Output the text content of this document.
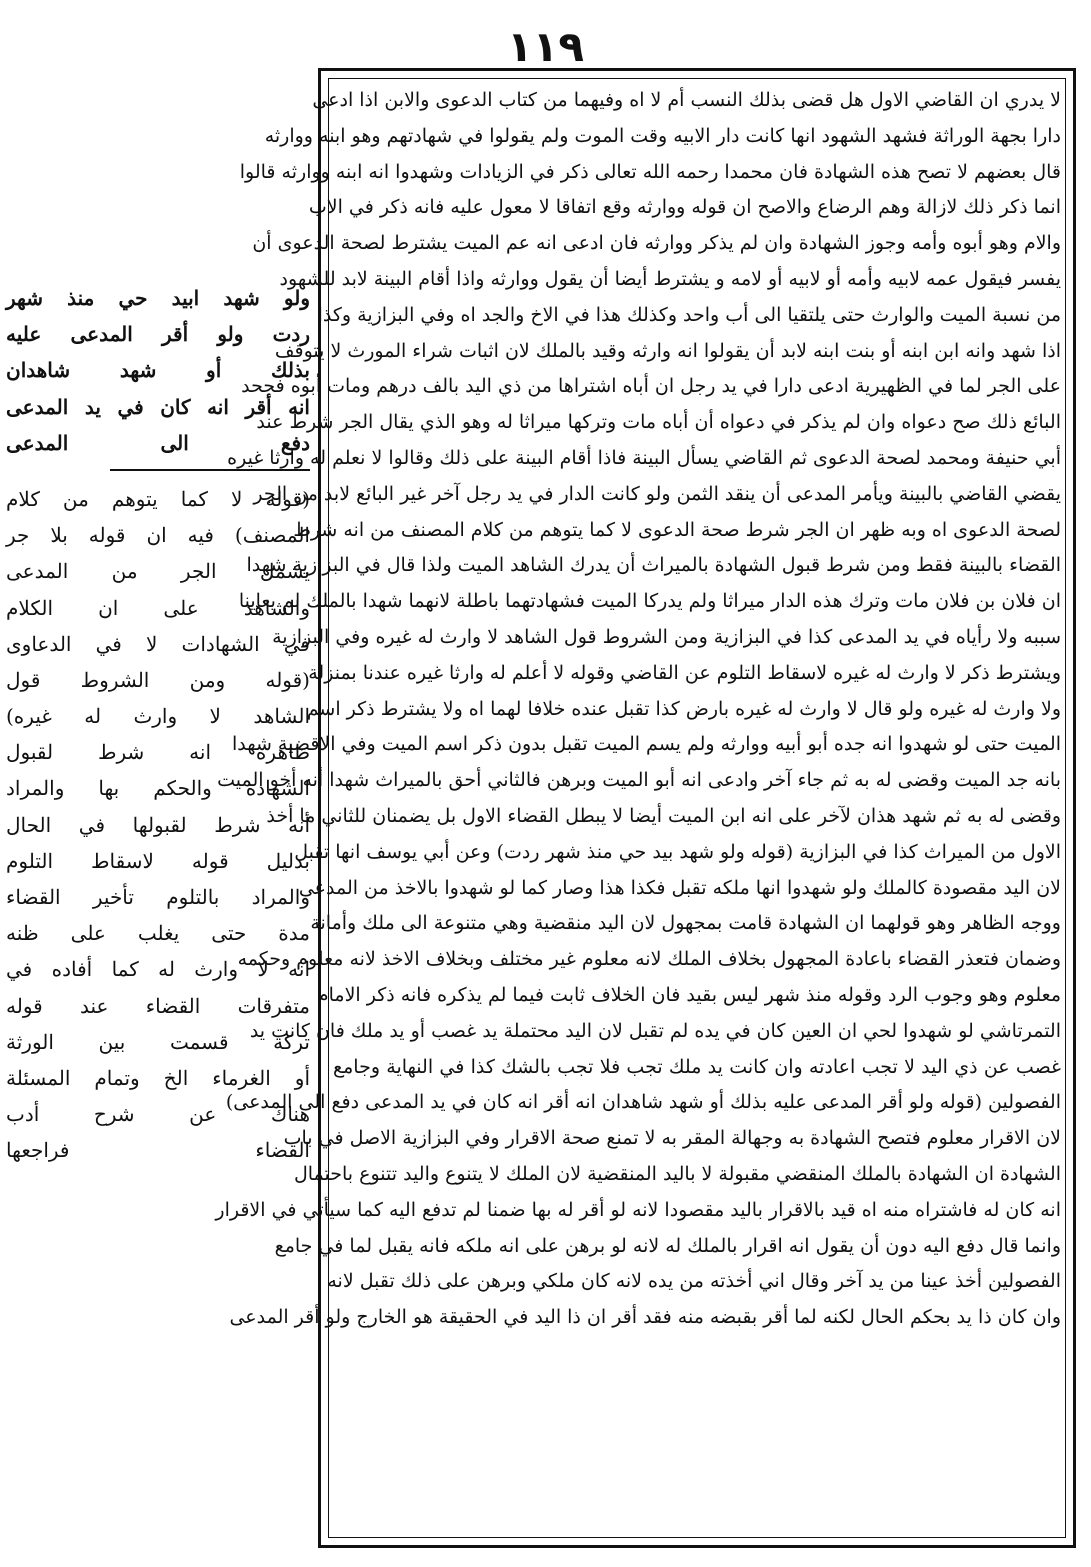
١١٩
لا يدري ان القاضي الاول هل قضى بذلك النسب أم لا اه وفيهما من كتاب الدعوى والابن اذا ادعى
دارا بجهة الوراثة فشهد الشهود انها كانت دار الابيه وقت الموت ولم يقولوا في شهادتهم وهو ابنه ووارثه
قال بعضهم لا تصح هذه الشهادة فان محمدا رحمه الله تعالى ذكر في الزيادات وشهدوا انه ابنه ووارثه قالوا
انما ذكر ذلك لازالة وهم الرضاع والاصح ان قوله ووارثه وقع اتفاقا لا معول عليه فانه ذكر في الاب
والام وهو أبوه وأمه وجوز الشهادة وان لم يذكر ووارثه فان ادعى انه عم الميت يشترط لصحة الدعوى أن
يفسر فيقول عمه لابيه وأمه أو لابيه أو لامه و يشترط أيضا أن يقول ووارثه واذا أقام البينة لابد للشهود
من نسبة الميت والوارث حتى يلتقيا الى أب واحد وكذلك هذا في الاخ والجد اه وفي البزازية وكذا
اذا شهد وانه ابن ابنه أو بنت ابنه لابد أن يقولوا انه وارثه وقيد بالملك لان اثبات شراء المورث لا يتوقف
على الجر لما في الظهيرية ادعى دارا في يد رجل ان أباه اشتراها من ذي اليد بالف درهم ومات أبوه فجحد
البائع ذلك صح دعواه وان لم يذكر في دعواه أن أباه مات وتركها ميراثا له وهو الذي يقال الجر شرط عند
أبي حنيفة ومحمد لصحة الدعوى ثم القاضي يسأل البينة فاذا أقام البينة على ذلك وقالوا لا نعلم له وارثا غيره
يقضي القاضي بالبينة ويأمر المدعى أن ينقد الثمن ولو كانت الدار في يد رجل آخر غير البائع لابد من الجر
لصحة الدعوى اه وبه ظهر ان الجر شرط صحة الدعوى لا كما يتوهم من كلام المصنف من انه شرط
القضاء بالبينة فقط ومن شرط قبول الشهادة بالميراث أن يدرك الشاهد الميت ولذا قال في البزازية شهدا
ان فلان بن فلان مات وترك هذه الدار ميراثا ولم يدركا الميت فشهادتهما باطلة لانهما شهدا بالملك لم يعاينا
سببه ولا رأياه في يد المدعى كذا في البزازية ومن الشروط قول الشاهد لا وارث له غيره وفي البزازية
ويشترط ذكر لا وارث له غيره لاسقاط التلوم عن القاضي وقوله لا أعلم له وارثا غيره عندنا بمنزلة
ولا وارث له غيره ولو قال لا وارث له غيره بارض كذا تقبل عنده خلافا لهما اه ولا يشترط ذكر اسم
الميت حتى لو شهدوا انه جده أبو أبيه ووارثه ولم يسم الميت تقبل بدون ذكر اسم الميت وفي الاقضية شهدا
بانه جد الميت وقضى له به ثم جاء آخر وادعى انه أبو الميت وبرهن فالثاني أحق بالميراث شهدا أنه أخو الميت
وقضى له به ثم شهد هذان لآخر على انه ابن الميت أيضا لا يبطل القضاء الاول بل يضمنان للثاني ما أخذ
الاول من الميراث كذا في البزازية (قوله ولو شهد بيد حي منذ شهر ردت) وعن أبي يوسف انها تقبل
لان اليد مقصودة كالملك ولو شهدوا انها ملكه تقبل فكذا هذا وصار كما لو شهدوا بالاخذ من المدعى
ووجه الظاهر وهو قولهما ان الشهادة قامت بمجهول لان اليد منقضية وهي متنوعة الى ملك وأمانة
وضمان فتعذر القضاء باعادة المجهول بخلاف الملك لانه معلوم غير مختلف وبخلاف الاخذ لانه معلوم وحكمه
معلوم وهو وجوب الرد وقوله منذ شهر ليس بقيد فان الخلاف ثابت فيما لم يذكره فانه ذكر الامام
التمرتاشي لو شهدوا لحي ان العين كان في يده لم تقبل لان اليد محتملة يد غصب أو يد ملك فان كانت يد
غصب عن ذي اليد لا تجب اعادته وان كانت يد ملك تجب فلا تجب بالشك كذا في النهاية وجامع
الفصولين (قوله ولو أقر المدعى عليه بذلك أو شهد شاهدان انه أقر انه كان في يد المدعى دفع الى المدعى)
لان الاقرار معلوم فتصح الشهادة به وجهالة المقر به لا تمنع صحة الاقرار وفي البزازية الاصل في باب
الشهادة ان الشهادة بالملك المنقضي مقبولة لا باليد المنقضية لان الملك لا يتنوع واليد تتنوع باحتمال
انه كان له فاشتراه منه اه قيد بالاقرار باليد مقصودا لانه لو أقر له بها ضمنا لم تدفع اليه كما سيأتي في الاقرار
وانما قال دفع اليه دون أن يقول انه اقرار بالملك له لانه لو برهن على انه ملكه فانه يقبل لما في جامع
الفصولين أخذ عينا من يد آخر وقال اني أخذته من يده لانه كان ملكي وبرهن على ذلك تقبل لانه
وان كان ذا يد بحكم الحال لكنه لما أقر بقبضه منه فقد أقر ان ذا اليد في الحقيقة هو الخارج ولو أقر المدعى
ولو شهد ابيد حي منذ شهر
ردت ولو أقر المدعى عليه
بذلك أو شهد شاهدان
انه أقر انه كان في يد المدعى
دفع الى المدعى
(قوله لا كما يتوهم من كلام
المصنف) فيه ان قوله بلا جر
يشمل الجر من المدعى
والشاهد على ان الكلام
في الشهادات لا في الدعاوى
(قوله ومن الشروط قول
الشاهد لا وارث له غيره)
ظاهره انه شرط لقبول
الشهادة والحكم بها والمراد
أنه شرط لقبولها في الحال
بدليل قوله لاسقاط التلوم
والمراد بالتلوم تأخير القضاء
مدة حتى يغلب على ظنه
انه لا وارث له كما أفاده في
متفرقات القضاء عند قوله
تركة قسمت بين الورثة
أو الغرماء الخ وتمام المسئلة
هناك عن شرح أدب
القضاء فراجعها
